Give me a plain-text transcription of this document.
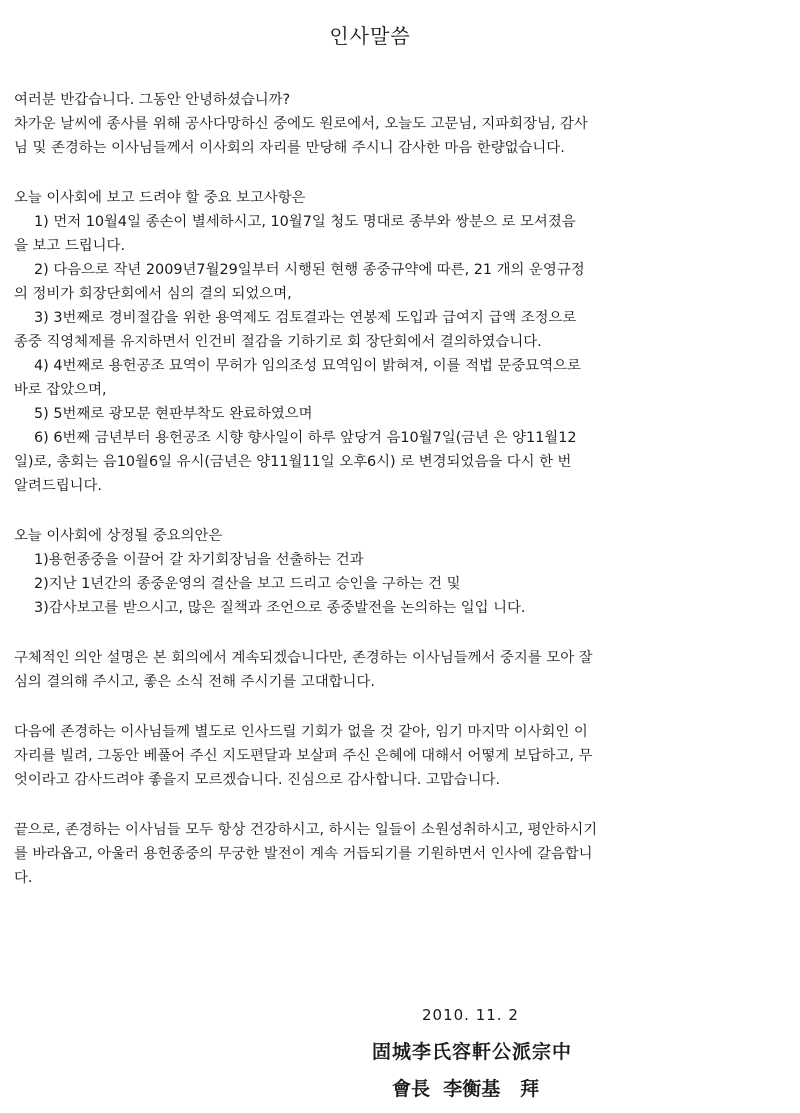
인사말씀
여러분 반갑습니다. 그동안 안녕하셨습니까?
차가운 날씨에 종사를 위해 공사다망하신 중에도 원로에서, 오늘도 고문님, 지파회장님, 감사
님 및 존경하는 이사님들께서 이사회의 자리를 만당해 주시니 감사한 마음 한량없습니다.
오늘 이사회에 보고 드려야 할 중요 보고사항은
1) 먼저 10월4일 종손이 별세하시고, 10월7일 청도 명대로 종부와 쌍분으 로 모셔졌음
을 보고 드립니다.
2) 다음으로 작년 2009년7월29일부터 시행된 현행 종중규약에 따른, 21 개의 운영규정
의 정비가 회장단회에서 심의 결의 되었으며,
3) 3번째로 경비절감을 위한 용역제도 검토결과는 연봉제 도입과 급여지 급액 조정으로
종중 직영체제를 유지하면서 인건비 절감을 기하기로 회 장단회에서 결의하였습니다.
4) 4번째로 용헌공조 묘역이 무허가 임의조성 묘역임이 밝혀져, 이를 적법 문중묘역으로
바로 잡았으며,
5) 5번째로 광모문 현판부착도 완료하였으며
6) 6번째 금년부터 용헌공조 시향 향사일이 하루 앞당겨 음10월7일(금년 은 양11월12
일)로, 총회는 음10월6일 유시(금년은 양11월11일 오후6시) 로 변경되었음을 다시 한 번
알려드립니다.
오늘 이사회에 상정될 중요의안은
1)용헌종중을 이끌어 갈 차기회장님을 선출하는 건과
2)지난 1년간의 종중운영의 결산을 보고 드리고 승인을 구하는 건 및
3)감사보고를 받으시고, 많은 질책과 조언으로 종중발전을 논의하는 일입 니다.
구체적인 의안 설명은 본 회의에서 계속되겠습니다만, 존경하는 이사님들께서 중지를 모아 잘
심의 결의해 주시고, 좋은 소식 전해 주시기를 고대합니다.
다음에 존경하는 이사님들께 별도로 인사드릴 기회가 없을 것 같아, 임기 마지막 이사회인 이
자리를 빌려, 그동안 베풀어 주신 지도편달과 보살펴 주신 은혜에 대해서 어떻게 보답하고, 무
엇이라고 감사드려야 좋을지 모르겠습니다. 진심으로 감사합니다. 고맙습니다.
끝으로, 존경하는 이사님들 모두 항상 건강하시고, 하시는 일들이 소원성취하시고, 평안하시기
를 바라옵고, 아울러 용헌종중의 무궁한 발전이 계속 거듭되기를 기원하면서 인사에 갈음합니
다.
2010. 11. 2
固城李氏容軒公派宗中
會長  李衡基   拜
